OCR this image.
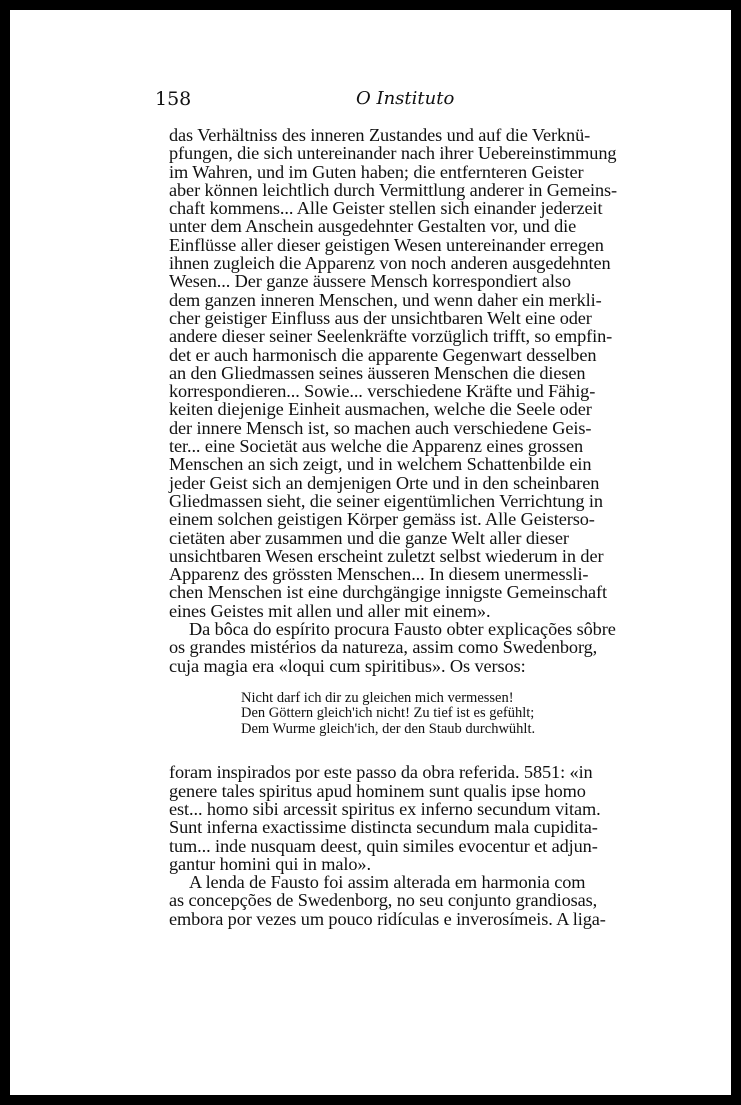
158	O Instituto

das Verhältniss des inneren Zustandes und auf die Verknü-

pfungen, die sich untereinander nach ihrer Uebereinstimmung

im Wahren, und im Guten haben; die entfernteren Geister

aber können leichtlich durch Vermittlung anderer in Gemeins-

chaft kommens... Alle Geister stellen sich einander jederzeit

unter dem Anschein ausgedehnter Gestalten vor, und die

Einflüsse aller dieser geistigen Wesen untereinander erregen

ihnen zugleich die Apparenz von noch anderen ausgedehnten

Wesen... Der ganze äussere Mensch korrespondiert also

dem ganzen inneren Menschen, und wenn daher ein merkli-

cher geistiger Einfluss aus der unsichtbaren Welt eine oder

andere dieser seiner Seelenkräfte vorzüglich trifft, so empfin-

det er auch harmonisch die apparente Gegenwart desselben

an den Gliedmassen seines äusseren Menschen die diesen

korrespondieren... Sowie... verschiedene Kräfte und Fähig-

keiten diejenige Einheit ausmachen, welche die Seele oder

der innere Mensch ist, so machen auch verschiedene Geis-

ter... eine Societät aus welche die Apparenz eines grossen

Menschen an sich zeigt, und in welchem Schattenbilde ein

jeder Geist sich an demjenigen Orte und in den scheinbaren

Gliedmassen sieht, die seiner eigentümlichen Verrichtung in

einem solchen geistigen Körper gemäss ist. Alle Geisterso-

cietäten aber zusammen und die ganze Welt aller dieser

unsichtbaren Wesen erscheint zuletzt selbst wiederum in der

Apparenz des grössten Menschen... In diesem unermessli-

chen Menschen ist eine durchgängige innigste Gemeinschaft

eines Geistes mit allen und aller mit einem».

Da bôca do espírito procura Fausto obter explicações sôbre

os grandes mistérios da natureza, assim como Swedenborg,

cuja magia era «loqui cum spiritibus». Os versos:

Nicht darf ich dir zu gleichen mich vermessen!

Den Göttern gleich'ich nicht! Zu tief ist es gefühlt;

Dem Wurme gleich'ich, der den Staub durchwühlt.

foram inspirados por este passo da obra referida. 5851: «in

genere tales spiritus apud hominem sunt qualis ipse homo

est... homo sibi arcessit spiritus ex inferno secundum vitam.

Sunt inferna exactissime distincta secundum mala cupidita-

tum... inde nusquam deest, quin similes evocentur et adjun-

gantur homini qui in malo».

A lenda de Fausto foi assim alterada em harmonia com

as concepções de Swedenborg, no seu conjunto grandiosas,

embora por vezes um pouco ridículas e inverosímeis. A liga-
